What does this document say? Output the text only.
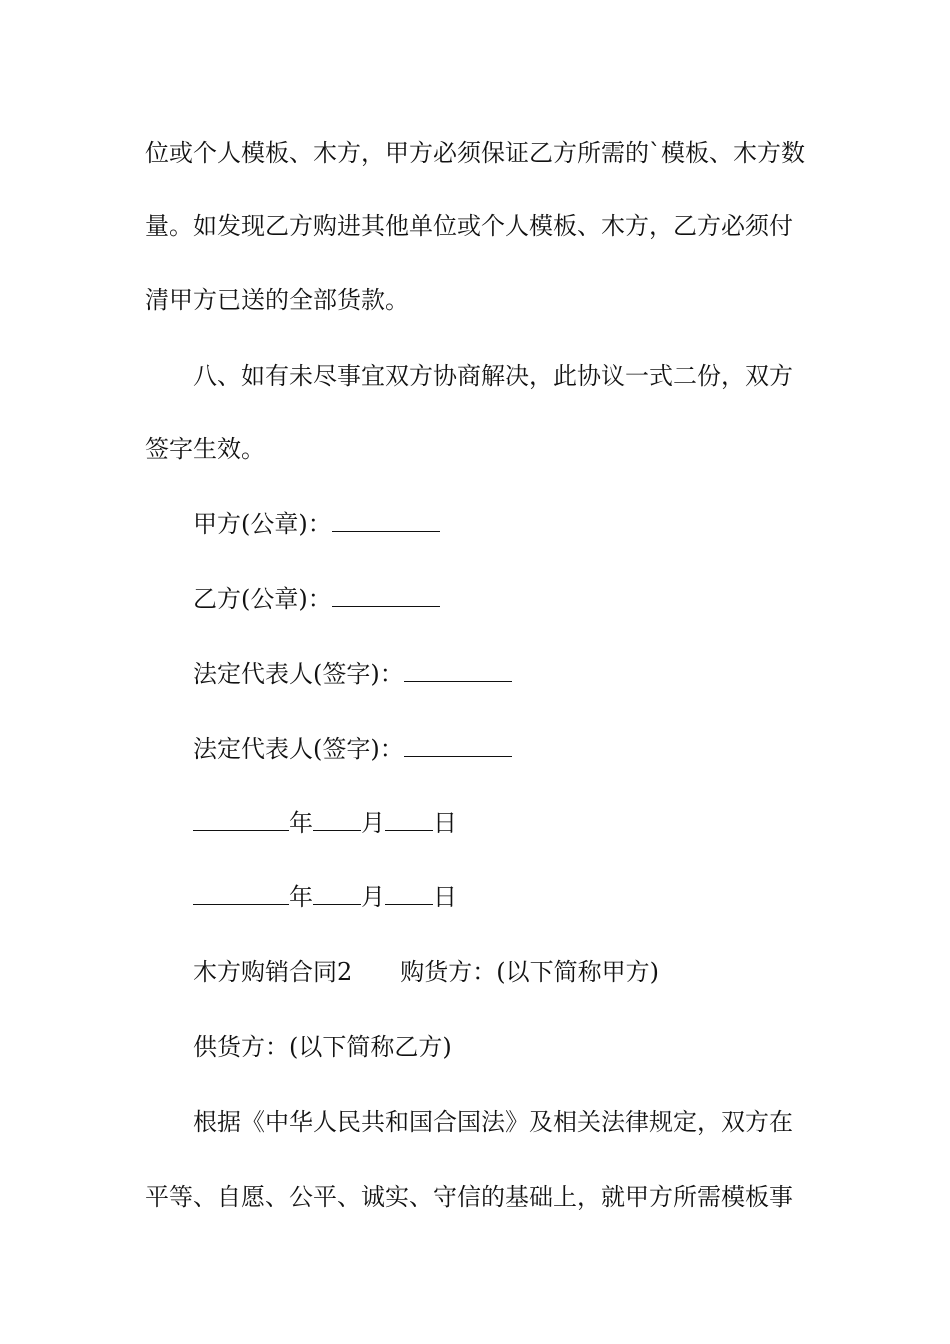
位或个人模板、木方，甲方必须保证乙方所需的`模板、木方数
量。如发现乙方购进其他单位或个人模板、木方，乙方必须付
清甲方已送的全部货款。
八、如有未尽事宜双方协商解决，此协议一式二份，双方
签字生效。
甲方(公章)：
乙方(公章)：
法定代表人(签字)：
法定代表人(签字)：
年 月 日
年 月 日
木方购销合同2 购货方：(以下简称甲方)
供货方：(以下简称乙方)
根据《中华人民共和国合国法》及相关法律规定，双方在
平等、自愿、公平、诚实、守信的基础上，就甲方所需模板事
